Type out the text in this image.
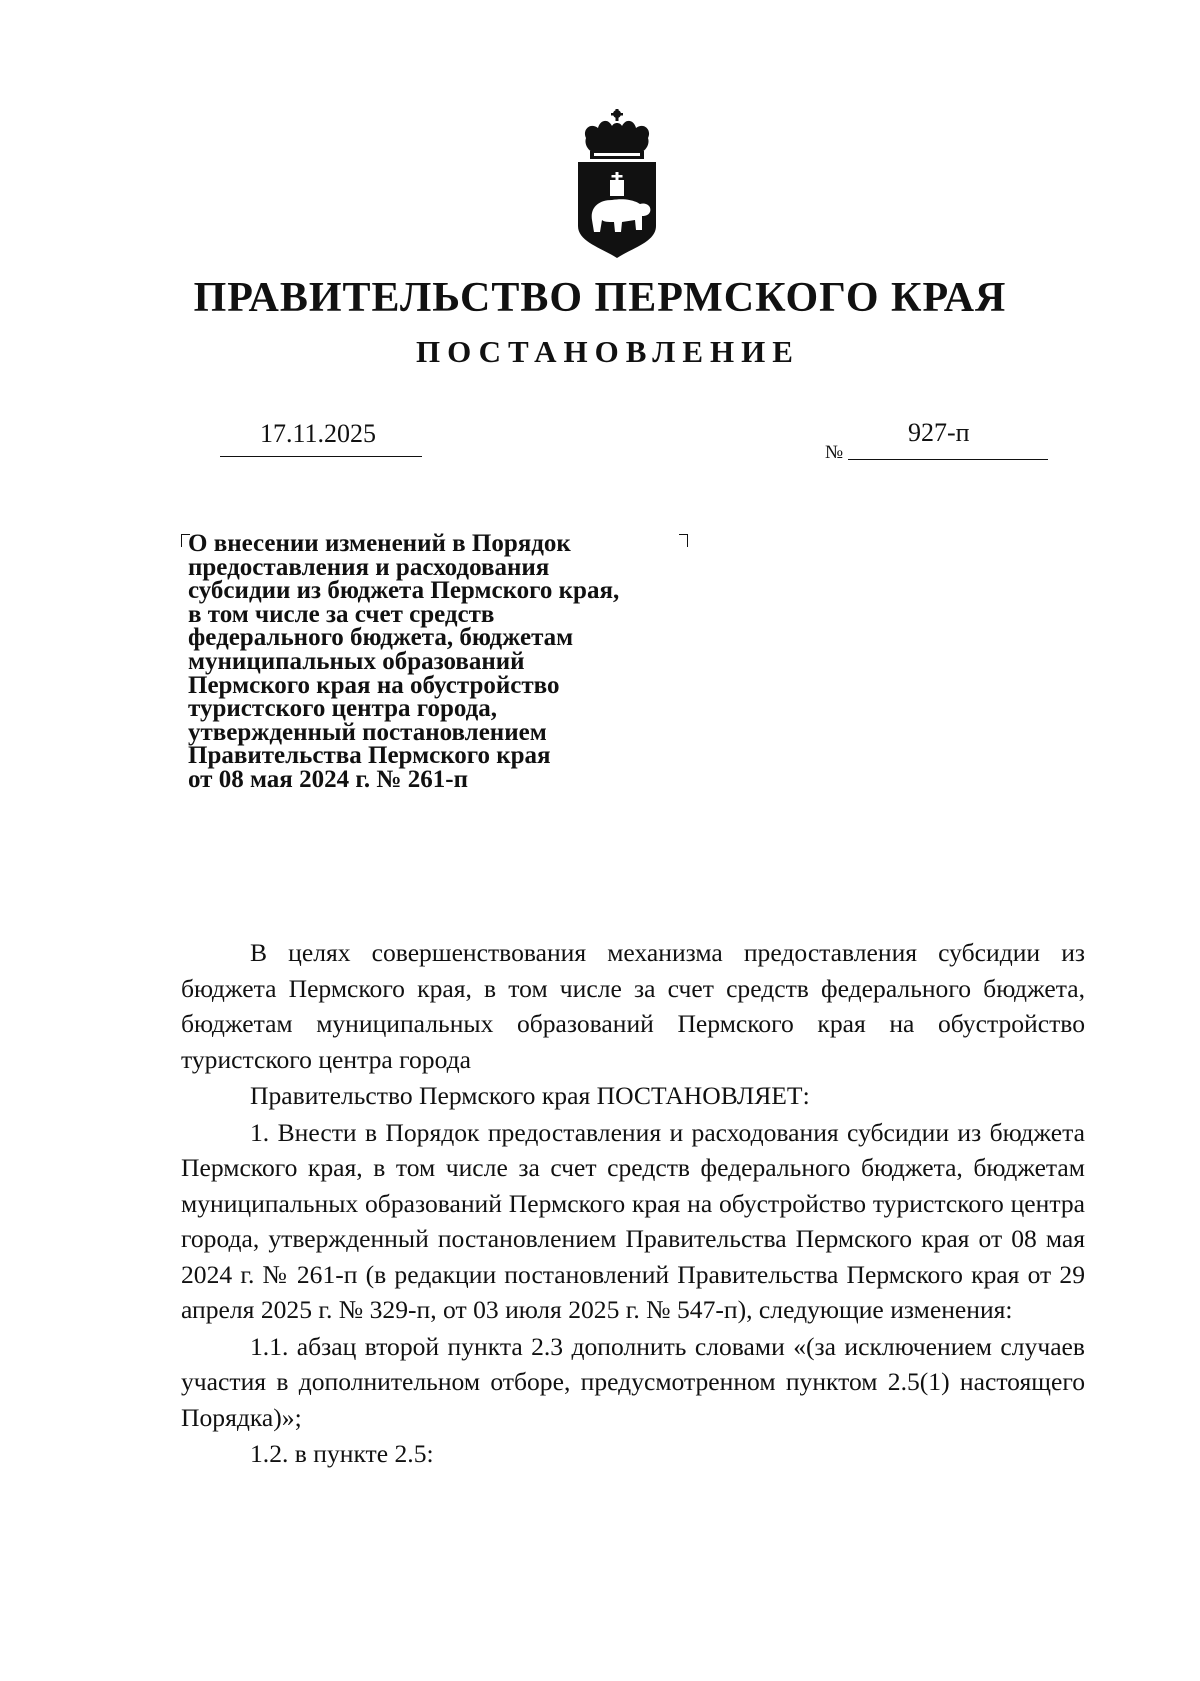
ПРАВИТЕЛЬСТВО ПЕРМСКОГО КРАЯ
ПОСТАНОВЛЕНИЕ
17.11.2025
№
927-п
О внесении изменений в Порядок
предоставления и расходования
субсидии из бюджета Пермского края,
в том числе за счет средств
федерального бюджета, бюджетам
муниципальных образований
Пермского края на обустройство
туристского центра города,
утвержденный постановлением
Правительства Пермского края
от 08 мая 2024 г. № 261-п

В целях совершенствования механизма предоставления субсидии из бюджета Пермского края, в том числе за счет средств федерального бюджета, бюджетам муниципальных образований Пермского края на обустройство туристского центра города

Правительство Пермского края ПОСТАНОВЛЯЕТ:

1. Внести в Порядок предоставления и расходования субсидии из бюджета Пермского края, в том числе за счет средств федерального бюджета, бюджетам муниципальных образований Пермского края на обустройство туристского центра города, утвержденный постановлением Правительства Пермского края от 08 мая 2024 г. № 261-п (в редакции постановлений Правительства Пермского края от 29 апреля 2025 г. № 329-п, от 03 июля 2025 г. № 547-п), следующие изменения:

1.1. абзац второй пункта 2.3 дополнить словами «(за исключением случаев участия в дополнительном отборе, предусмотренном пунктом 2.5(1) настоящего Порядка)»;

1.2. в пункте 2.5:
